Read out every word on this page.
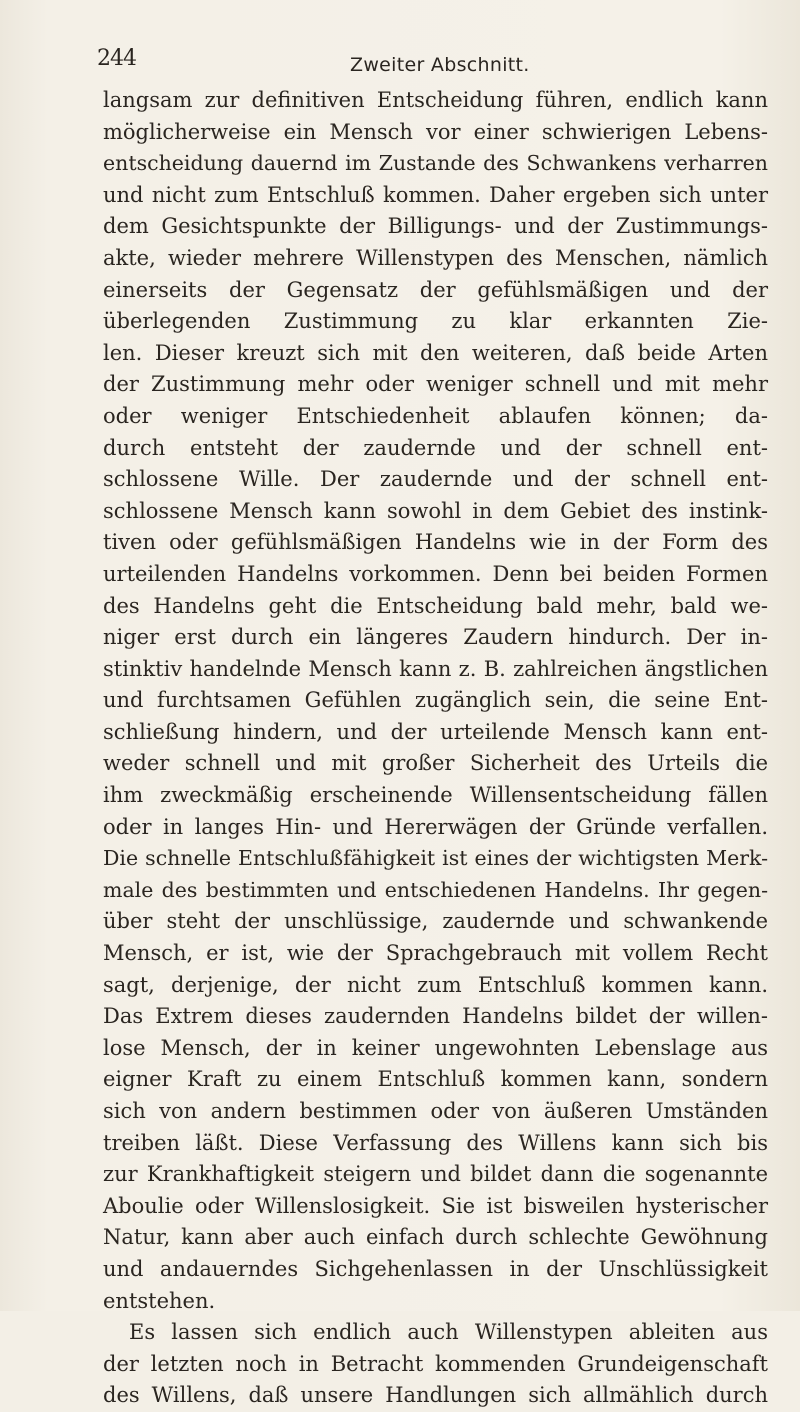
244	Zweiter Abschnitt.
langsam zur definitiven Entscheidung führen, endlich kann
möglicherweise ein Mensch vor einer schwierigen Lebens-
entscheidung dauernd im Zustande des Schwankens verharren
und nicht zum Entschluß kommen. Daher ergeben sich unter
dem Gesichtspunkte der Billigungs- und der Zustimmungs-
akte, wieder mehrere Willenstypen des Menschen, nämlich
einerseits der Gegensatz der gefühlsmäßigen und der
überlegenden Zustimmung zu klar erkannten Zie-
len. Dieser kreuzt sich mit den weiteren, daß beide Arten
der Zustimmung mehr oder weniger schnell und mit mehr
oder weniger Entschiedenheit ablaufen können; da-
durch entsteht der zaudernde und der schnell ent-
schlossene Wille. Der zaudernde und der schnell ent-
schlossene Mensch kann sowohl in dem Gebiet des instink-
tiven oder gefühlsmäßigen Handelns wie in der Form des
urteilenden Handelns vorkommen. Denn bei beiden Formen
des Handelns geht die Entscheidung bald mehr, bald we-
niger erst durch ein längeres Zaudern hindurch. Der in-
stinktiv handelnde Mensch kann z. B. zahlreichen ängstlichen
und furchtsamen Gefühlen zugänglich sein, die seine Ent-
schließung hindern, und der urteilende Mensch kann ent-
weder schnell und mit großer Sicherheit des Urteils die
ihm zweckmäßig erscheinende Willensentscheidung fällen
oder in langes Hin- und Hererwägen der Gründe verfallen.
Die schnelle Entschlußfähigkeit ist eines der wichtigsten Merk-
male des bestimmten und entschiedenen Handelns. Ihr gegen-
über steht der unschlüssige, zaudernde und schwankende
Mensch, er ist, wie der Sprachgebrauch mit vollem Recht
sagt, derjenige, der nicht zum Entschluß kommen kann.
Das Extrem dieses zaudernden Handelns bildet der willen-
lose Mensch, der in keiner ungewohnten Lebenslage aus
eigner Kraft zu einem Entschluß kommen kann, sondern
sich von andern bestimmen oder von äußeren Umständen
treiben läßt. Diese Verfassung des Willens kann sich bis
zur Krankhaftigkeit steigern und bildet dann die sogenannte
Aboulie oder Willenslosigkeit. Sie ist bisweilen hysterischer
Natur, kann aber auch einfach durch schlechte Gewöhnung
und andauerndes Sichgehenlassen in der Unschlüssigkeit
entstehen.
Es lassen sich endlich auch Willenstypen ableiten aus
der letzten noch in Betracht kommenden Grundeigenschaft
des Willens, daß unsere Handlungen sich allmählich durch
